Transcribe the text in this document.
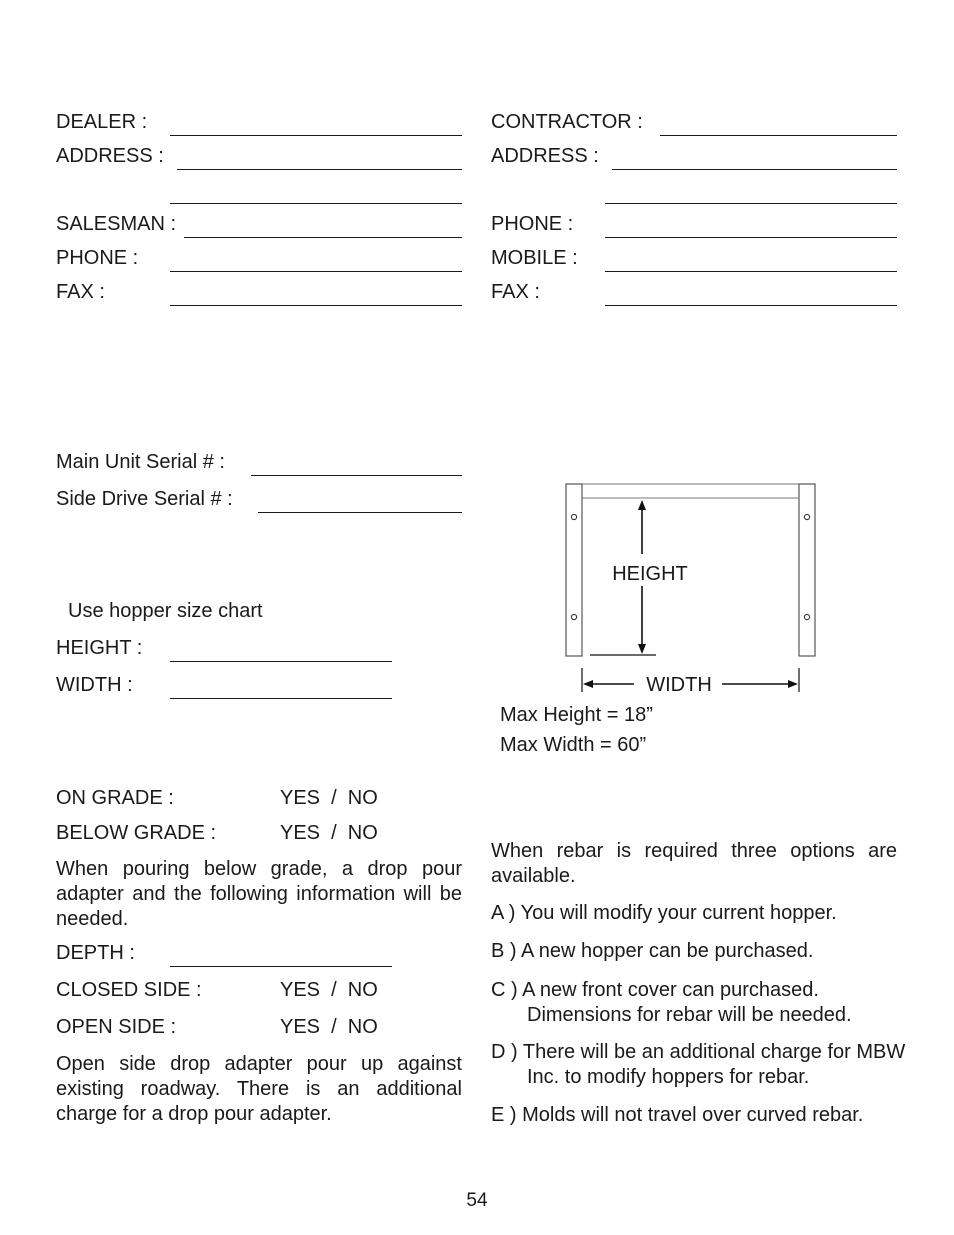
DEALER :
ADDRESS :
SALESMAN :
PHONE :
FAX :
CONTRACTOR :
ADDRESS :
PHONE :
MOBILE :
FAX :
Main Unit Serial # :
Side Drive Serial # :
Use hopper size chart
HEIGHT :
WIDTH :
HEIGHT
WIDTH
Max Height = 18”
Max Width = 60”
ON GRADE :	YES  /  NO
BELOW GRADE :	YES  /  NO
When pouring below grade, a drop pour adapter and the following information will be needed.
DEPTH :
CLOSED SIDE :	YES  /  NO
OPEN SIDE :	YES  /  NO
Open side drop adapter pour up against existing roadway. There is an additional charge for a drop pour adapter.
When rebar is required three options are available.
A ) You will modify your current hopper.
B ) A new hopper can be purchased.
C ) A new front cover can purchased. Dimensions for rebar will be needed.
D ) There will be an additional charge for MBW Inc. to modify hoppers for rebar.
E ) Molds will not travel over curved rebar.
54
